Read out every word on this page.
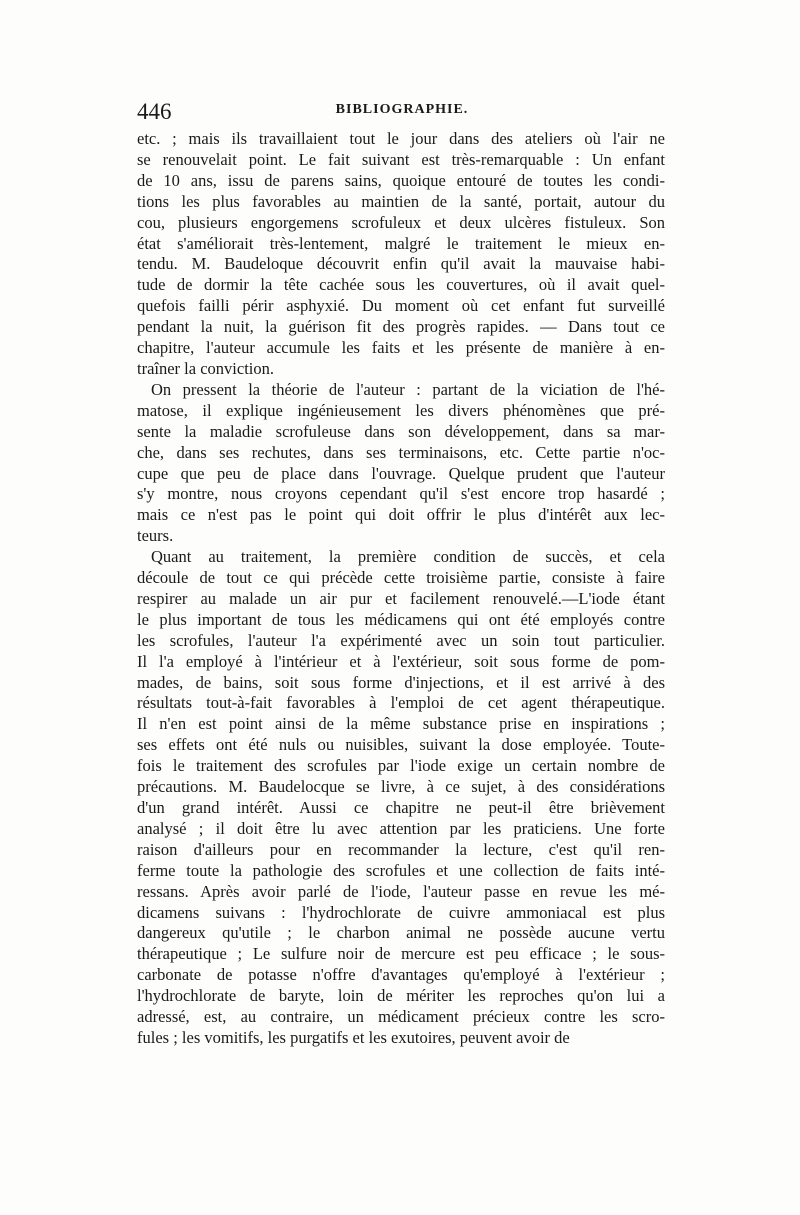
446	BIBLIOGRAPHIE.
etc. ; mais ils travaillaient tout le jour dans des ateliers où l'air ne
se renouvelait point. Le fait suivant est très-remarquable : Un enfant
de 10 ans, issu de parens sains, quoique entouré de toutes les condi-
tions les plus favorables au maintien de la santé, portait, autour du
cou, plusieurs engorgemens scrofuleux et deux ulcères fistuleux. Son
état s'améliorait très-lentement, malgré le traitement le mieux en-
tendu. M. Baudeloque découvrit enfin qu'il avait la mauvaise habi-
tude de dormir la tête cachée sous les couvertures, où il avait quel-
quefois failli périr asphyxié. Du moment où cet enfant fut surveillé
pendant la nuit, la guérison fit des progrès rapides. — Dans tout ce
chapitre, l'auteur accumule les faits et les présente de manière à en-
traîner la conviction.
On pressent la théorie de l'auteur : partant de la viciation de l'hé-
matose, il explique ingénieusement les divers phénomènes que pré-
sente la maladie scrofuleuse dans son développement, dans sa mar-
che, dans ses rechutes, dans ses terminaisons, etc. Cette partie n'oc-
cupe que peu de place dans l'ouvrage. Quelque prudent que l'auteur
s'y montre, nous croyons cependant qu'il s'est encore trop hasardé ;
mais ce n'est pas le point qui doit offrir le plus d'intérêt aux lec-
teurs.
Quant au traitement, la première condition de succès, et cela
découle de tout ce qui précède cette troisième partie, consiste à faire
respirer au malade un air pur et facilement renouvelé.—L'iode étant
le plus important de tous les médicamens qui ont été employés contre
les scrofules, l'auteur l'a expérimenté avec un soin tout particulier.
Il l'a employé à l'intérieur et à l'extérieur, soit sous forme de pom-
mades, de bains, soit sous forme d'injections, et il est arrivé à des
résultats tout-à-fait favorables à l'emploi de cet agent thérapeutique.
Il n'en est point ainsi de la même substance prise en inspirations ;
ses effets ont été nuls ou nuisibles, suivant la dose employée. Toute-
fois le traitement des scrofules par l'iode exige un certain nombre de
précautions. M. Baudelocque se livre, à ce sujet, à des considérations
d'un grand intérêt. Aussi ce chapitre ne peut-il être brièvement
analysé ; il doit être lu avec attention par les praticiens. Une forte
raison d'ailleurs pour en recommander la lecture, c'est qu'il ren-
ferme toute la pathologie des scrofules et une collection de faits inté-
ressans. Après avoir parlé de l'iode, l'auteur passe en revue les mé-
dicamens suivans : l'hydrochlorate de cuivre ammoniacal est plus
dangereux qu'utile ; le charbon animal ne possède aucune vertu
thérapeutique ; Le sulfure noir de mercure est peu efficace ; le sous-
carbonate de potasse n'offre d'avantages qu'employé à l'extérieur ;
l'hydrochlorate de baryte, loin de mériter les reproches qu'on lui a
adressé, est, au contraire, un médicament précieux contre les scro-
fules ; les vomitifs, les purgatifs et les exutoires, peuvent avoir de
